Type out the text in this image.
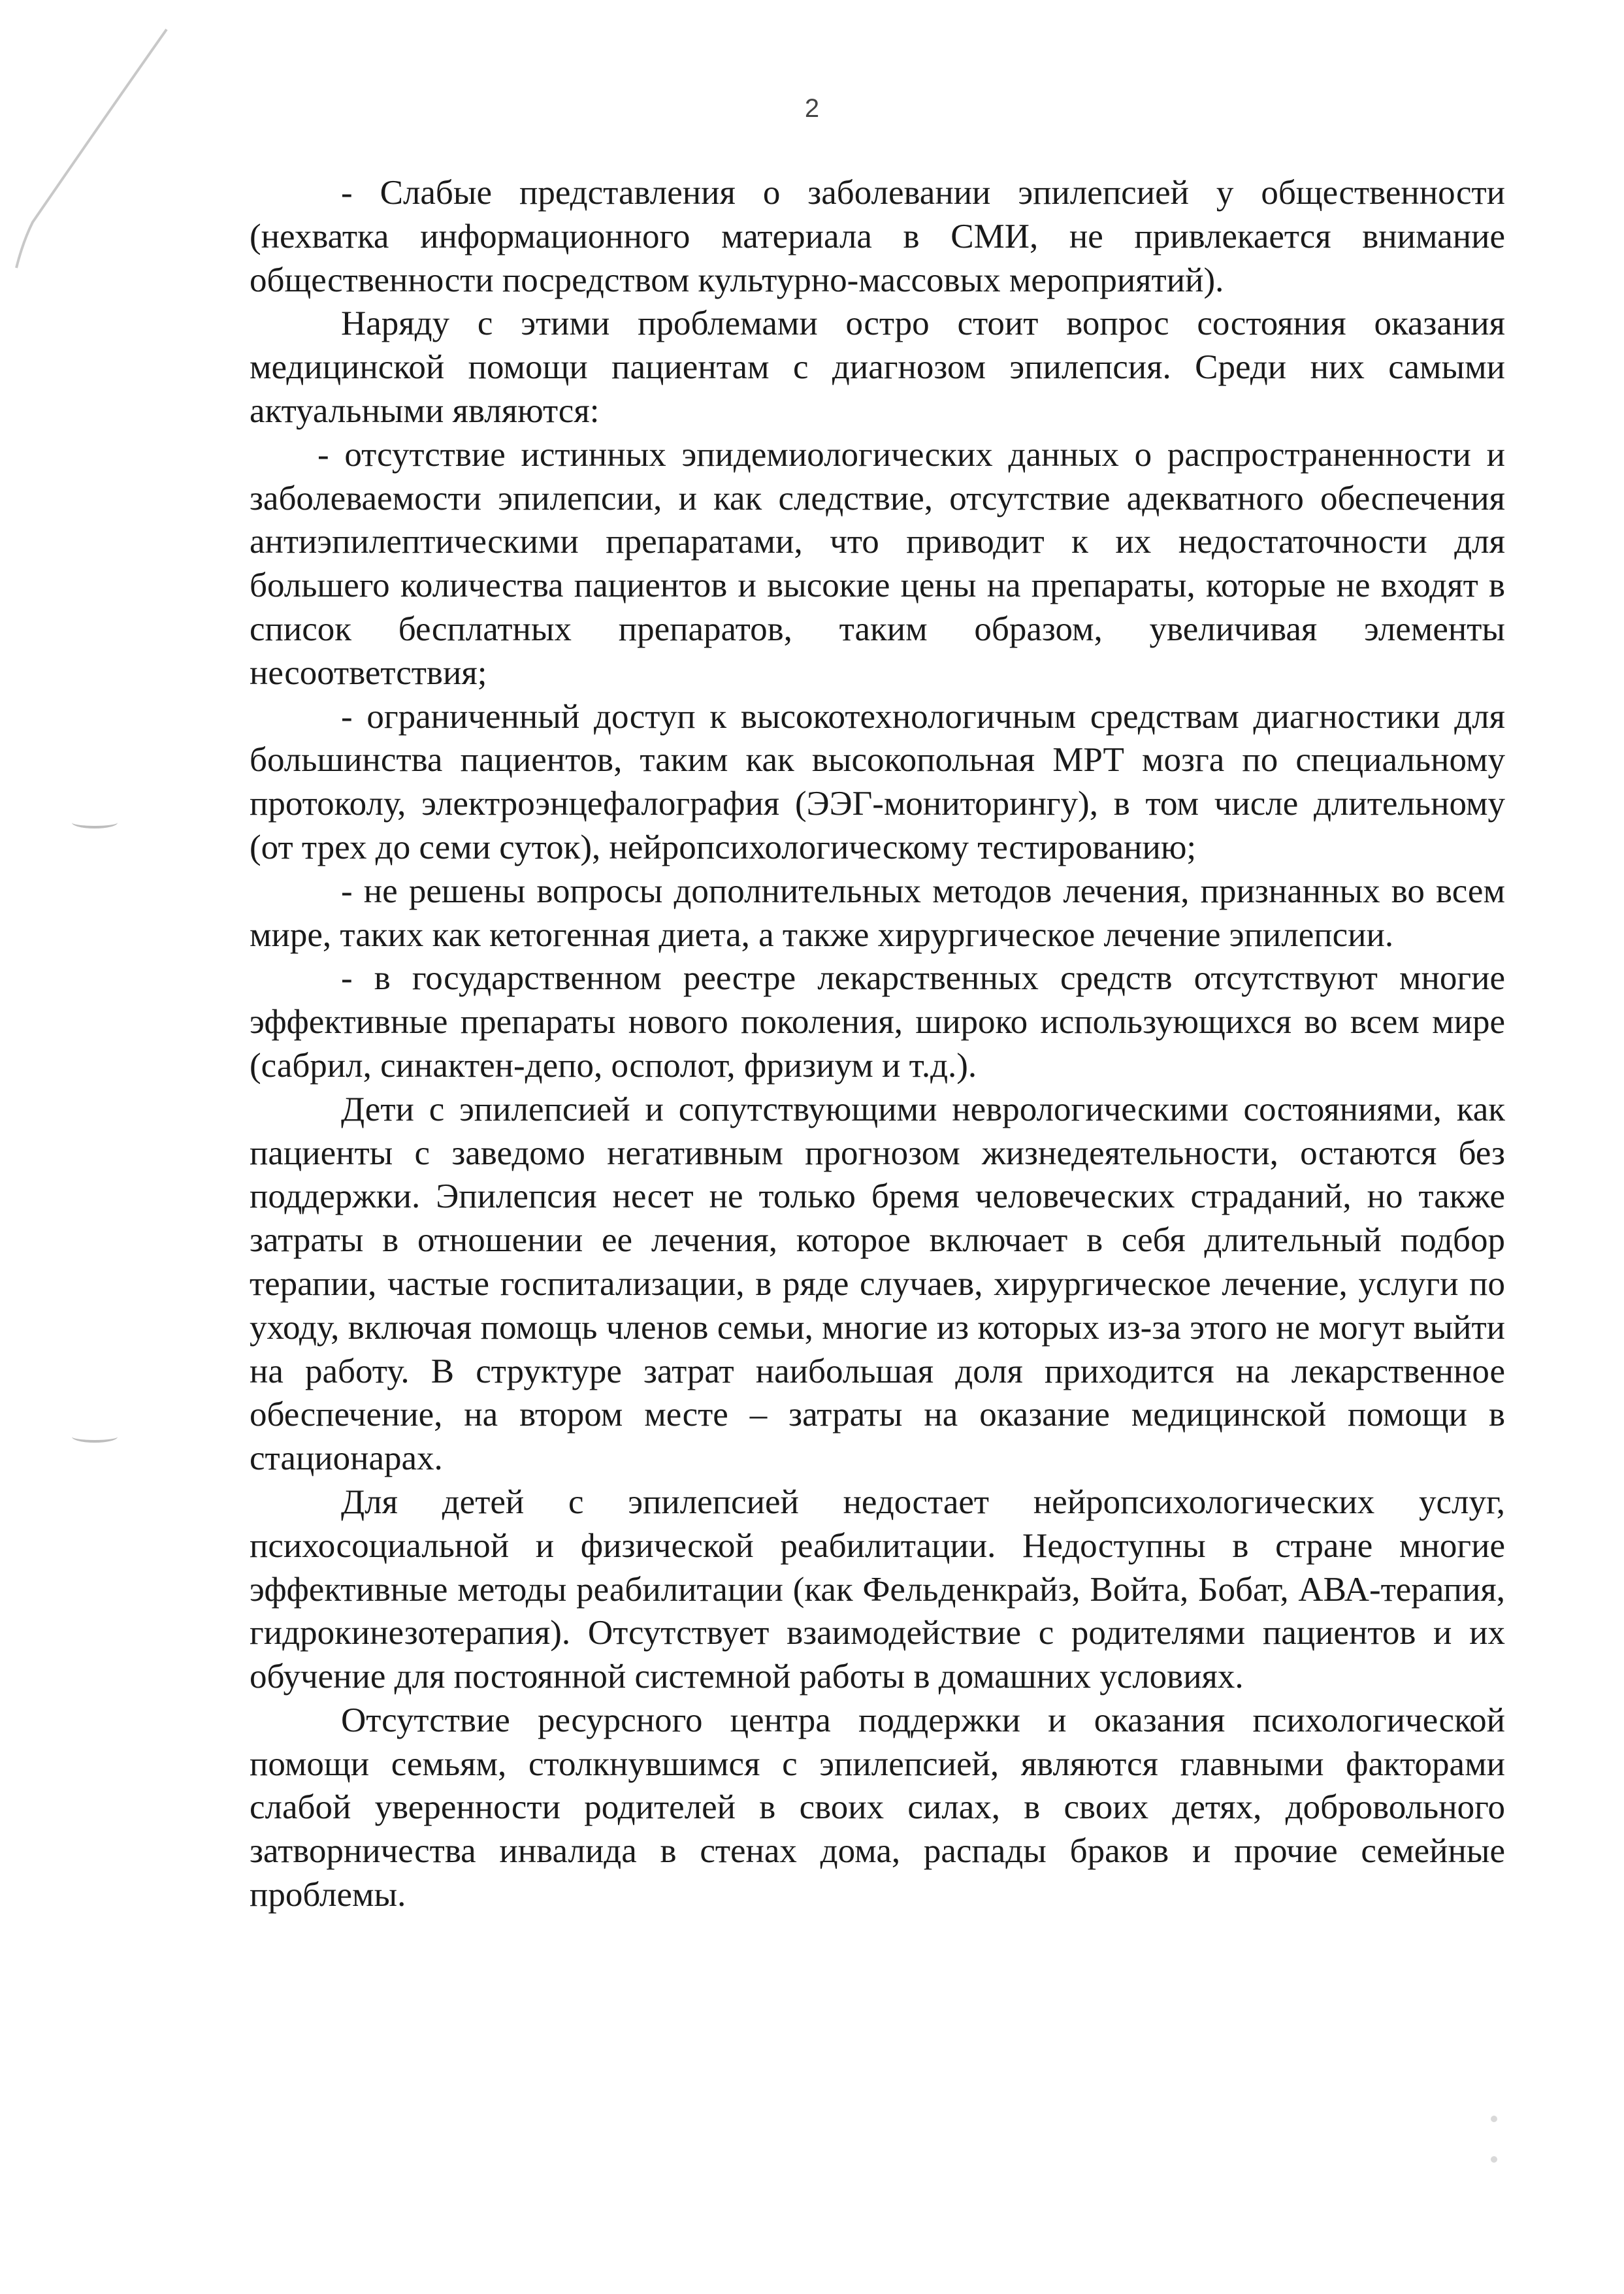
2

- Слабые представления о заболевании эпилепсией у общественности (нехватка информационного материала в СМИ, не привлекается внимание общественности посредством культурно-массовых мероприятий).

Наряду с этими проблемами остро стоит вопрос состояния оказания медицинской помощи пациентам с диагнозом эпилепсия. Среди них самыми актуальными являются:

- отсутствие истинных эпидемиологических данных о распространенности и заболеваемости эпилепсии, и как следствие, отсутствие адекватного обеспечения антиэпилептическими препаратами, что приводит к их недостаточности для большего количества пациентов и высокие цены на препараты, которые не входят в список бесплатных препаратов, таким образом, увеличивая элементы несоответствия;

- ограниченный доступ к высокотехнологичным средствам диагностики для большинства пациентов, таким как высокопольная МРТ мозга по специальному протоколу, электроэнцефалография (ЭЭГ-мониторингу), в том числе длительному (от трех до семи суток), нейропсихологическому тестированию;

- не решены вопросы дополнительных методов лечения, признанных во всем мире, таких как кетогенная диета, а также хирургическое лечение эпилепсии.

- в государственном реестре лекарственных средств отсутствуют многие эффективные препараты нового поколения, широко использующихся во всем мире (сабрил, синактен-депо, осполот, фризиум и т.д.).

Дети с эпилепсией и сопутствующими неврологическими состояниями, как пациенты с заведомо негативным прогнозом жизнедеятельности, остаются без поддержки. Эпилепсия несет не только бремя человеческих страданий, но также затраты в отношении ее лечения, которое включает в себя длительный подбор терапии, частые госпитализации, в ряде случаев, хирургическое лечение, услуги по уходу, включая помощь членов семьи, многие из которых из-за этого не могут выйти на работу. В структуре затрат наибольшая доля приходится на лекарственное обеспечение, на втором месте – затраты на оказание медицинской помощи в стационарах.

Для детей с эпилепсией недостает нейропсихологических услуг, психосоциальной и физической реабилитации. Недоступны в стране многие эффективные методы реабилитации (как Фельденкрайз, Войта, Бобат, АВА-терапия, гидрокинезотерапия). Отсутствует взаимодействие с родителями пациентов и их обучение для постоянной системной работы в домашних условиях.

Отсутствие ресурсного центра поддержки и оказания психологической помощи семьям, столкнувшимся с эпилепсией, являются главными факторами слабой уверенности родителей в своих силах, в своих детях, добровольного затворничества инвалида в стенах дома, распады браков и прочие семейные проблемы.
